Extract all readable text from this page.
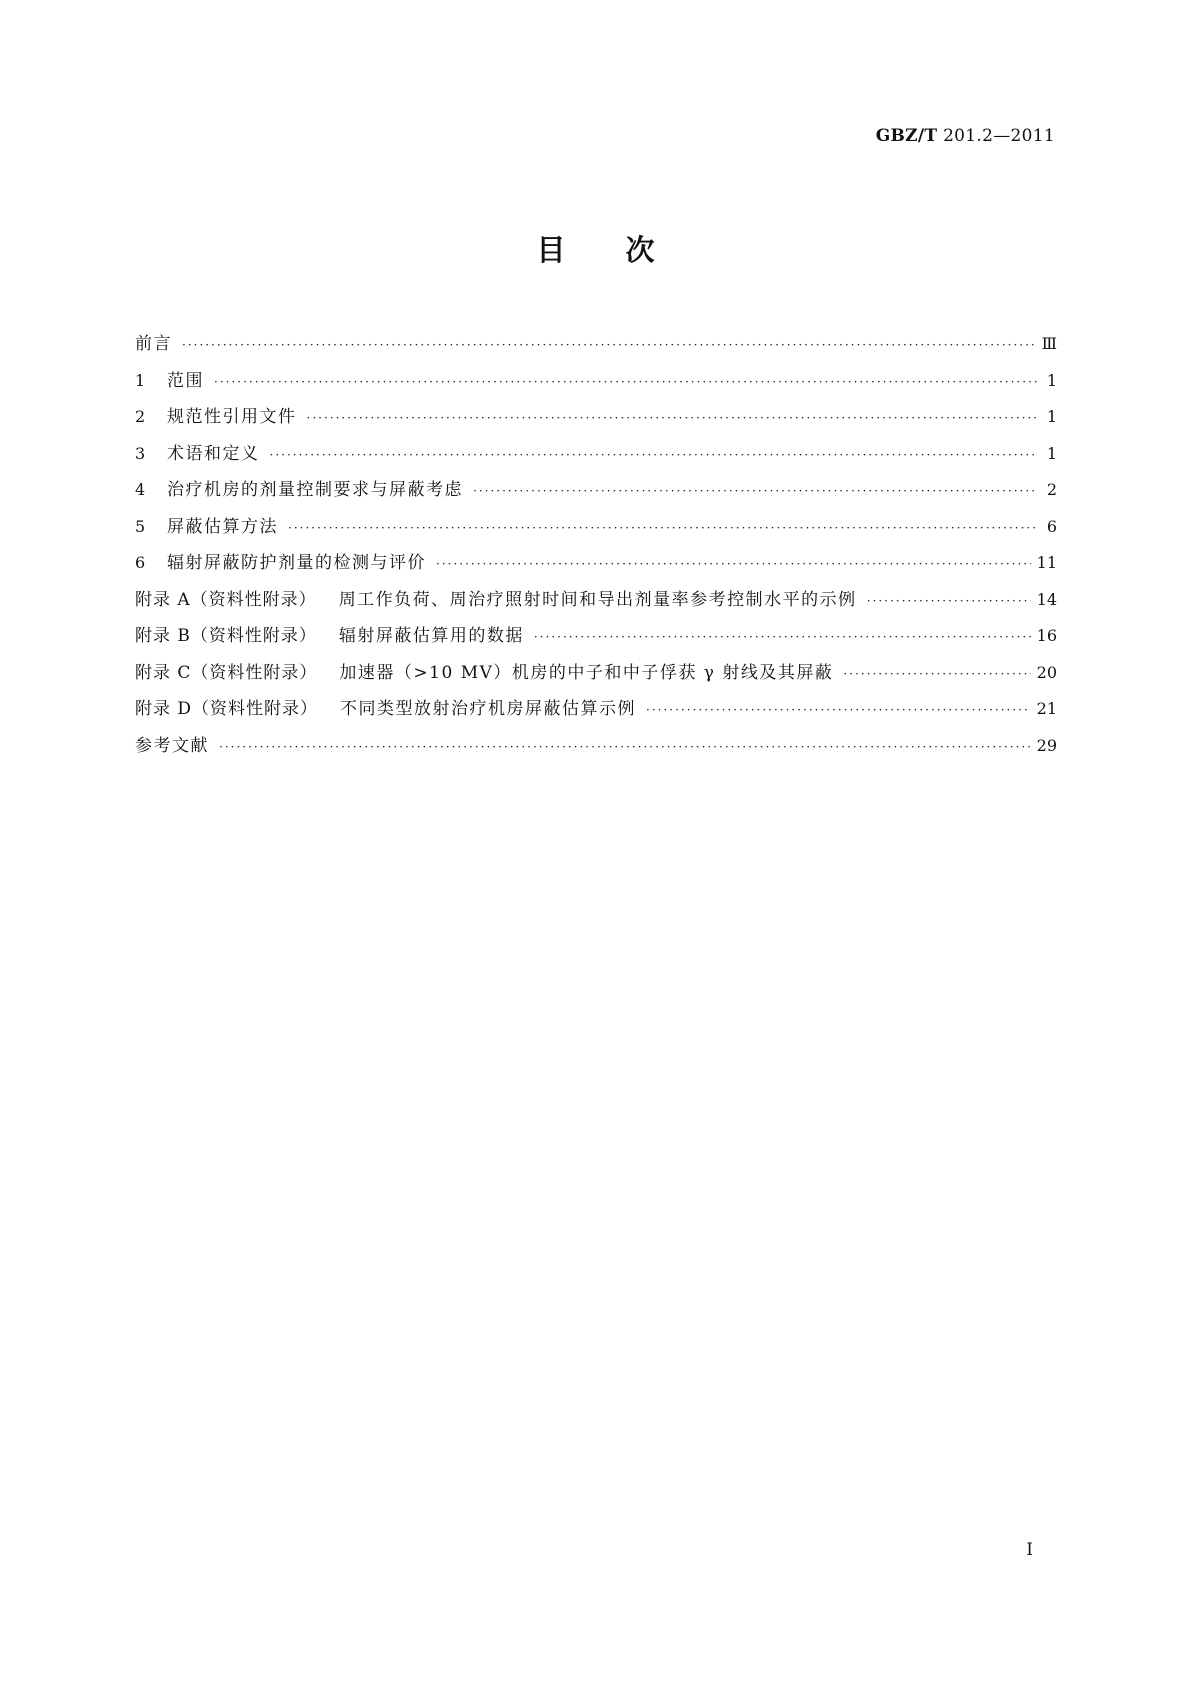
GBZ/T 201.2—2011
目次
前言 ·····	Ⅲ
1	范围 ·····	1
2	规范性引用文件 ·····	1
3	术语和定义 ·····	1
4	治疗机房的剂量控制要求与屏蔽考虑 ·····	2
5	屏蔽估算方法 ·····	6
6	辐射屏蔽防护剂量的检测与评价 ·····	11
附录 A（资料性附录） 周工作负荷、周治疗照射时间和导出剂量率参考控制水平的示例 ·····	14
附录 B（资料性附录） 辐射屏蔽估算用的数据 ·····	16
附录 C（资料性附录） 加速器（>10 MV）机房的中子和中子俘获 γ 射线及其屏蔽 ·····	20
附录 D（资料性附录） 不同类型放射治疗机房屏蔽估算示例 ·····	21
参考文献 ·····	29
I
